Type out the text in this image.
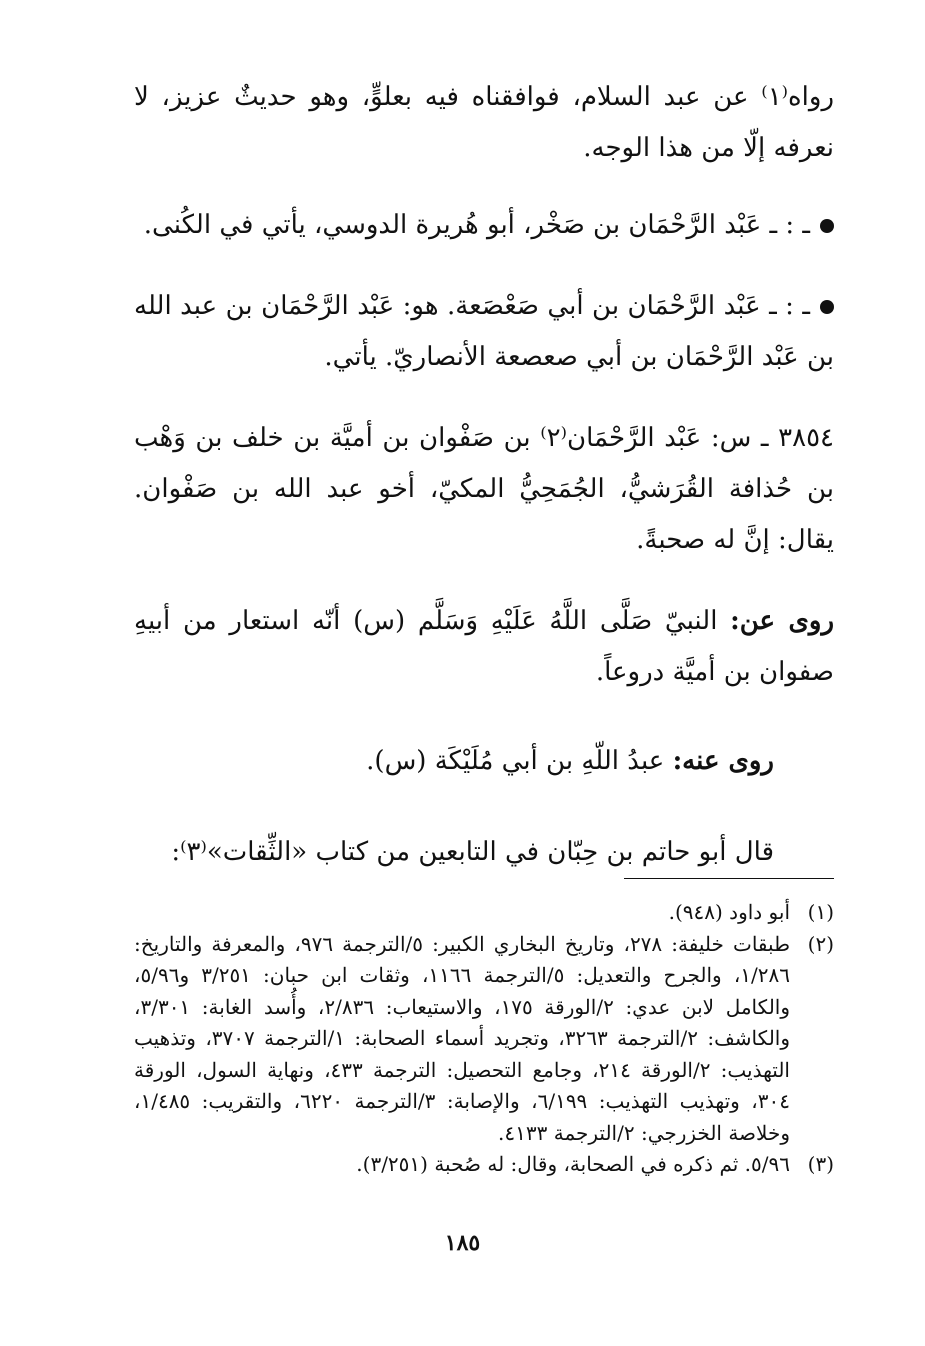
رواه⁽١⁾ عن عبد السلام، فوافقناه فيه بعلوٍّ، وهو حديثٌ عزيز، لا نعرفه إلّا من هذا الوجه.

ـ : ـ عَبْد الرَّحْمَان بن صَخْر، أبو هُريرة الدوسي، يأتي في الكُنى.

ـ : ـ عَبْد الرَّحْمَان بن أبي صَعْصَعة. هو: عَبْد الرَّحْمَان بن عبد الله بن عَبْد الرَّحْمَان بن أبي صعصعة الأنصاريّ. يأتي.

٣٨٥٤ ـ س: عَبْد الرَّحْمَان⁽٢⁾ بن صَفْوان بن أميَّة بن خلف بن وَهْب بن حُذافة القُرَشيُّ، الجُمَحِيُّ المكيّ، أخو عبد الله بن صَفْوان. يقال: إنَّ له صحبةً.

روى عن: النبيّ صَلَّى اللَّهُ عَلَيْهِ وَسَلَّم (س) أنّه استعار من أبيهِ صفوان بن أميَّة دروعاً.

روى عنه: عبدُ اللّهِ بن أبي مُلَيْكَة (س).

قال أبو حاتم بن حِبّان في التابعين من كتاب «الثِّقات»⁽٣⁾:

(١)
أبو داود (٩٤٨).
(٢)
طبقات خليفة: ٢٧٨، وتاريخ البخاري الكبير: ٥/الترجمة ٩٧٦، والمعرفة والتاريخ: ١/٢٨٦، والجرح والتعديل: ٥/الترجمة ١١٦٦، وثقات ابن حبان: ٣/٢٥١ و٥/٩٦، والكامل لابن عدي: ٢/الورقة ١٧٥، والاستيعاب: ٢/٨٣٦، وأُسد الغابة: ٣/٣٠١، والكاشف: ٢/الترجمة ٣٢٦٣، وتجريد أسماء الصحابة: ١/الترجمة ٣٧٠٧، وتذهيب التهذيب: ٢/الورقة ٢١٤، وجامع التحصيل: الترجمة ٤٣٣، ونهاية السول، الورقة ٣٠٤، وتهذيب التهذيب: ٦/١٩٩، والإصابة: ٣/الترجمة ٦٢٢٠، والتقريب: ١/٤٨٥، وخلاصة الخزرجي: ٢/الترجمة ٤١٣٣.
(٣)
٥/٩٦. ثم ذكره في الصحابة، وقال: له صُحبة (٣/٢٥١).
١٨٥
